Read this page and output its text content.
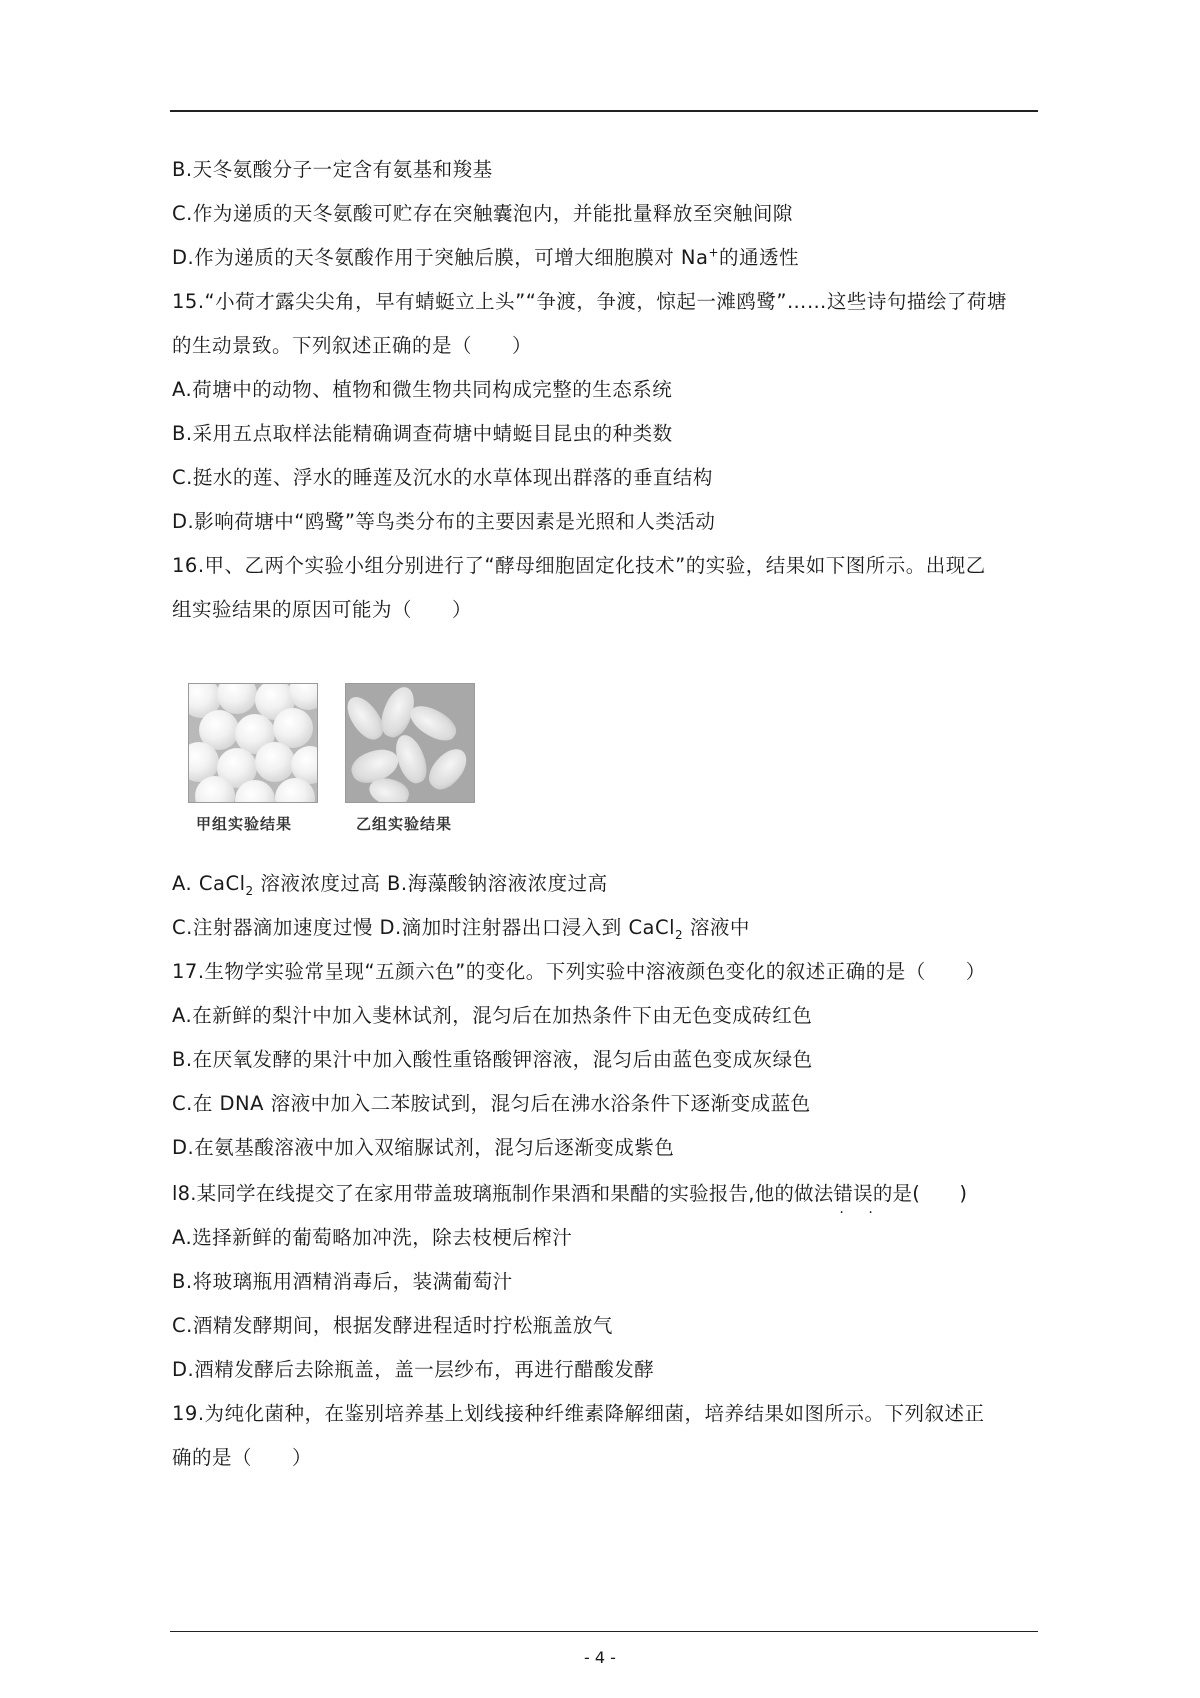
B.天冬氨酸分子一定含有氨基和羧基
C.作为递质的天冬氨酸可贮存在突触囊泡内，并能批量释放至突触间隙
D.作为递质的天冬氨酸作用于突触后膜，可增大细胞膜对 Na+的通透性
15.“小荷才露尖尖角，早有蜻蜓立上头”“争渡，争渡，惊起一滩鸥鹭”……这些诗句描绘了荷塘
的生动景致。下列叙述正确的是（　　）
A.荷塘中的动物、植物和微生物共同构成完整的生态系统
B.采用五点取样法能精确调查荷塘中蜻蜓目昆虫的种类数
C.挺水的莲、浮水的睡莲及沉水的水草体现出群落的垂直结构
D.影响荷塘中“鸥鹭”等鸟类分布的主要因素是光照和人类活动
16.甲、乙两个实验小组分别进行了“酵母细胞固定化技术”的实验，结果如下图所示。出现乙
组实验结果的原因可能为（　　）
甲组实验结果	乙组实验结果
A. CaCl$_2$ 溶液浓度过高 B.海藻酸钠溶液浓度过高
C.注射器滴加速度过慢 D.滴加时注射器出口浸入到 CaCl$_2$ 溶液中
17.生物学实验常呈现“五颜六色”的变化。下列实验中溶液颜色变化的叙述正确的是（　　）
A.在新鲜的梨汁中加入斐林试剂，混匀后在加热条件下由无色变成砖红色
B.在厌氧发酵的果汁中加入酸性重铬酸钾溶液，混匀后由蓝色变成灰绿色
C.在 DNA 溶液中加入二苯胺试到，混匀后在沸水浴条件下逐渐变成蓝色
D.在氨基酸溶液中加入双缩脲试剂，混匀后逐渐变成紫色
l8.某同学在线提交了在家用带盖玻璃瓶制作果酒和果醋的实验报告,他的做法错误 . .的是(　　)
A.选择新鲜的葡萄略加冲洗，除去枝梗后榨汁
B.将玻璃瓶用酒精消毒后，装满葡萄汁
C.酒精发酵期间，根据发酵进程适时拧松瓶盖放气
D.酒精发酵后去除瓶盖，盖一层纱布，再进行醋酸发酵
19.为纯化菌种，在鉴别培养基上划线接种纤维素降解细菌，培养结果如图所示。下列叙述正
确的是（　　）
- 4 -
